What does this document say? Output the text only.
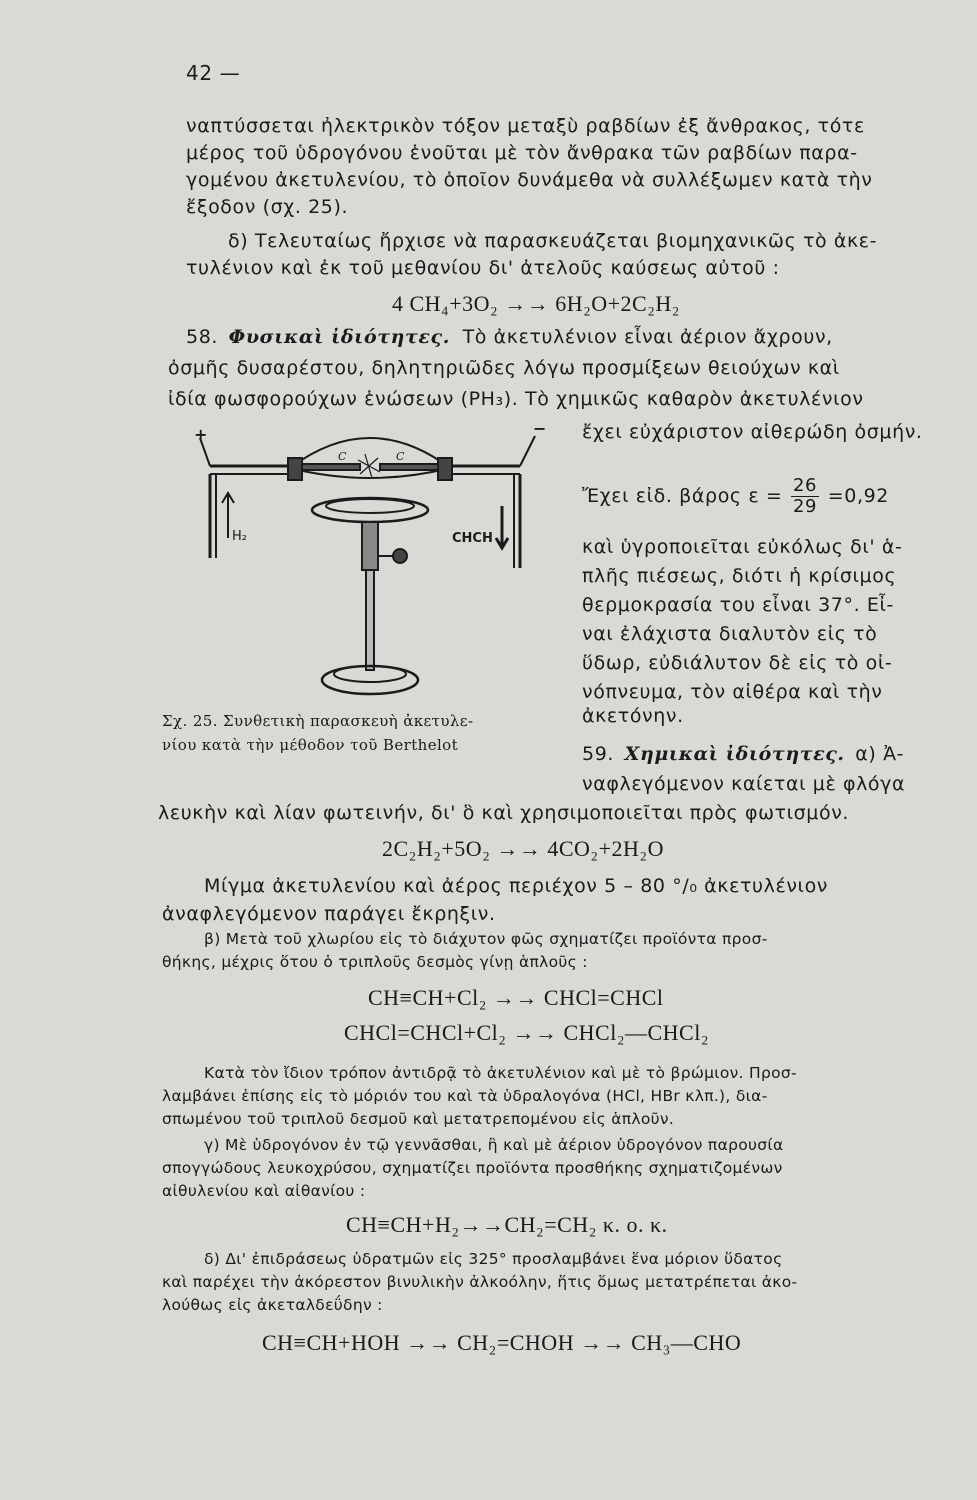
42 —
ναπτύσσεται ἠλεκτρικὸν τόξον μεταξὺ ραβδίων ἐξ ἄνθρακος, τότε
μέρος τοῦ ὑδρογόνου ἑνοῦται μὲ τὸν ἄνθρακα τῶν ραβδίων παρα-
γομένου ἀκετυλενίου, τὸ ὁποῖον δυνάμεθα νὰ συλλέξωμεν κατὰ τὴν
ἔξοδον (σχ. 25).
δ) Τελευταίως ἤρχισε νὰ παρασκευάζεται βιομηχανικῶς τὸ ἀκε-
τυλένιον καὶ ἐκ τοῦ μεθανίου δι' ἀτελοῦς καύσεως αὐτοῦ :
4 CH₄+3O₂ →→ 6H₂O+2C₂H₂
58. Φυσικαὶ ἰδιότητες. Τὸ ἀκετυλένιον εἶναι ἀέριον ἄχρουν,
ὀσμῆς δυσαρέστου, δηλητηριῶδες λόγω προσμίξεων θειούχων καὶ
ἰδία φωσφορούχων ἑνώσεων (PH₃). Τὸ χημικῶς καθαρὸν ἀκετυλένιον
ἔχει εὐχάριστον αἰθερώδη ὀσμήν.
Ἔχει εἰδ. βάρος $\varepsilon = \frac{26}{29} =0,92$
καὶ ὑγροποιεῖται εὐκόλως δι' ἁ-
πλῆς πιέσεως, διότι ἡ κρίσιμος
θερμοκρασία του εἶναι 37°. Εἶ-
ναι ἐλάχιστα διαλυτὸν εἰς τὸ
ὕδωρ, εὐδιάλυτον δὲ εἰς τὸ οἰ-
νόπνευμα, τὸν αἰθέρα καὶ τὴν
ἀκετόνην.
+	−
H₂	CHCH
C	C
Σχ. 25. Συνθετικὴ παρασκευὴ ἀκετυλε-
νίου κατὰ τὴν μέθοδον τοῦ Berthelot	59. Χημικαὶ ἰδιότητες. α) Ἀ-
ναφλεγόμενον καίεται μὲ φλόγα
λευκὴν καὶ λίαν φωτεινήν, δι' ὃ καὶ χρησιμοποιεῖται πρὸς φωτισμόν.
2C₂H₂+5O₂ →→ 4CO₂+2H₂O
Μίγμα ἀκετυλενίου καὶ ἀέρος περιέχον 5 – 80 °/₀ ἀκετυλένιον
ἀναφλεγόμενον παράγει ἔκρηξιν.
β) Μετὰ τοῦ χλωρίου εἰς τὸ διάχυτον φῶς σχηματίζει προϊόντα προσ-
θήκης, μέχρις ὅτου ὁ τριπλοῦς δεσμὸς γίνῃ ἁπλοῦς :
CH≡CH+Cl₂ →→ CHCl=CHCl
CHCl=CHCl+Cl₂ →→ CHCl₂—CHCl₂
Κατὰ τὸν ἴδιον τρόπον ἀντιδρᾷ τὸ ἀκετυλένιον καὶ μὲ τὸ βρώμιον. Προσ-
λαμβάνει ἐπίσης εἰς τὸ μόριόν του καὶ τὰ ὑδραλογόνα (HCl, HBr κλπ.), δια-
σπωμένου τοῦ τριπλοῦ δεσμοῦ καὶ μετατρεπομένου εἰς ἁπλοῦν.
γ) Μὲ ὑδρογόνον ἐν τῷ γεννᾶσθαι, ἢ καὶ μὲ ἀέριον ὑδρογόνον παρουσία
σπογγώδους λευκοχρύσου, σχηματίζει προϊόντα προσθήκης σχηματιζομένων
αἰθυλενίου καὶ αἰθανίου :
CH≡CH+H₂→→CH₂=CH₂ κ. ο. κ.
δ) Δι' ἐπιδράσεως ὑδρατμῶν εἰς 325° προσλαμβάνει ἕνα μόριον ὕδατος
καὶ παρέχει τὴν ἀκόρεστον βινυλικὴν ἀλκοόλην, ἥτις ὅμως μετατρέπεται ἀκο-
λούθως εἰς ἀκεταλδεΰδην :
CH≡CH+HOH →→ CH₂=CHOH →→ CH₃—CHO
